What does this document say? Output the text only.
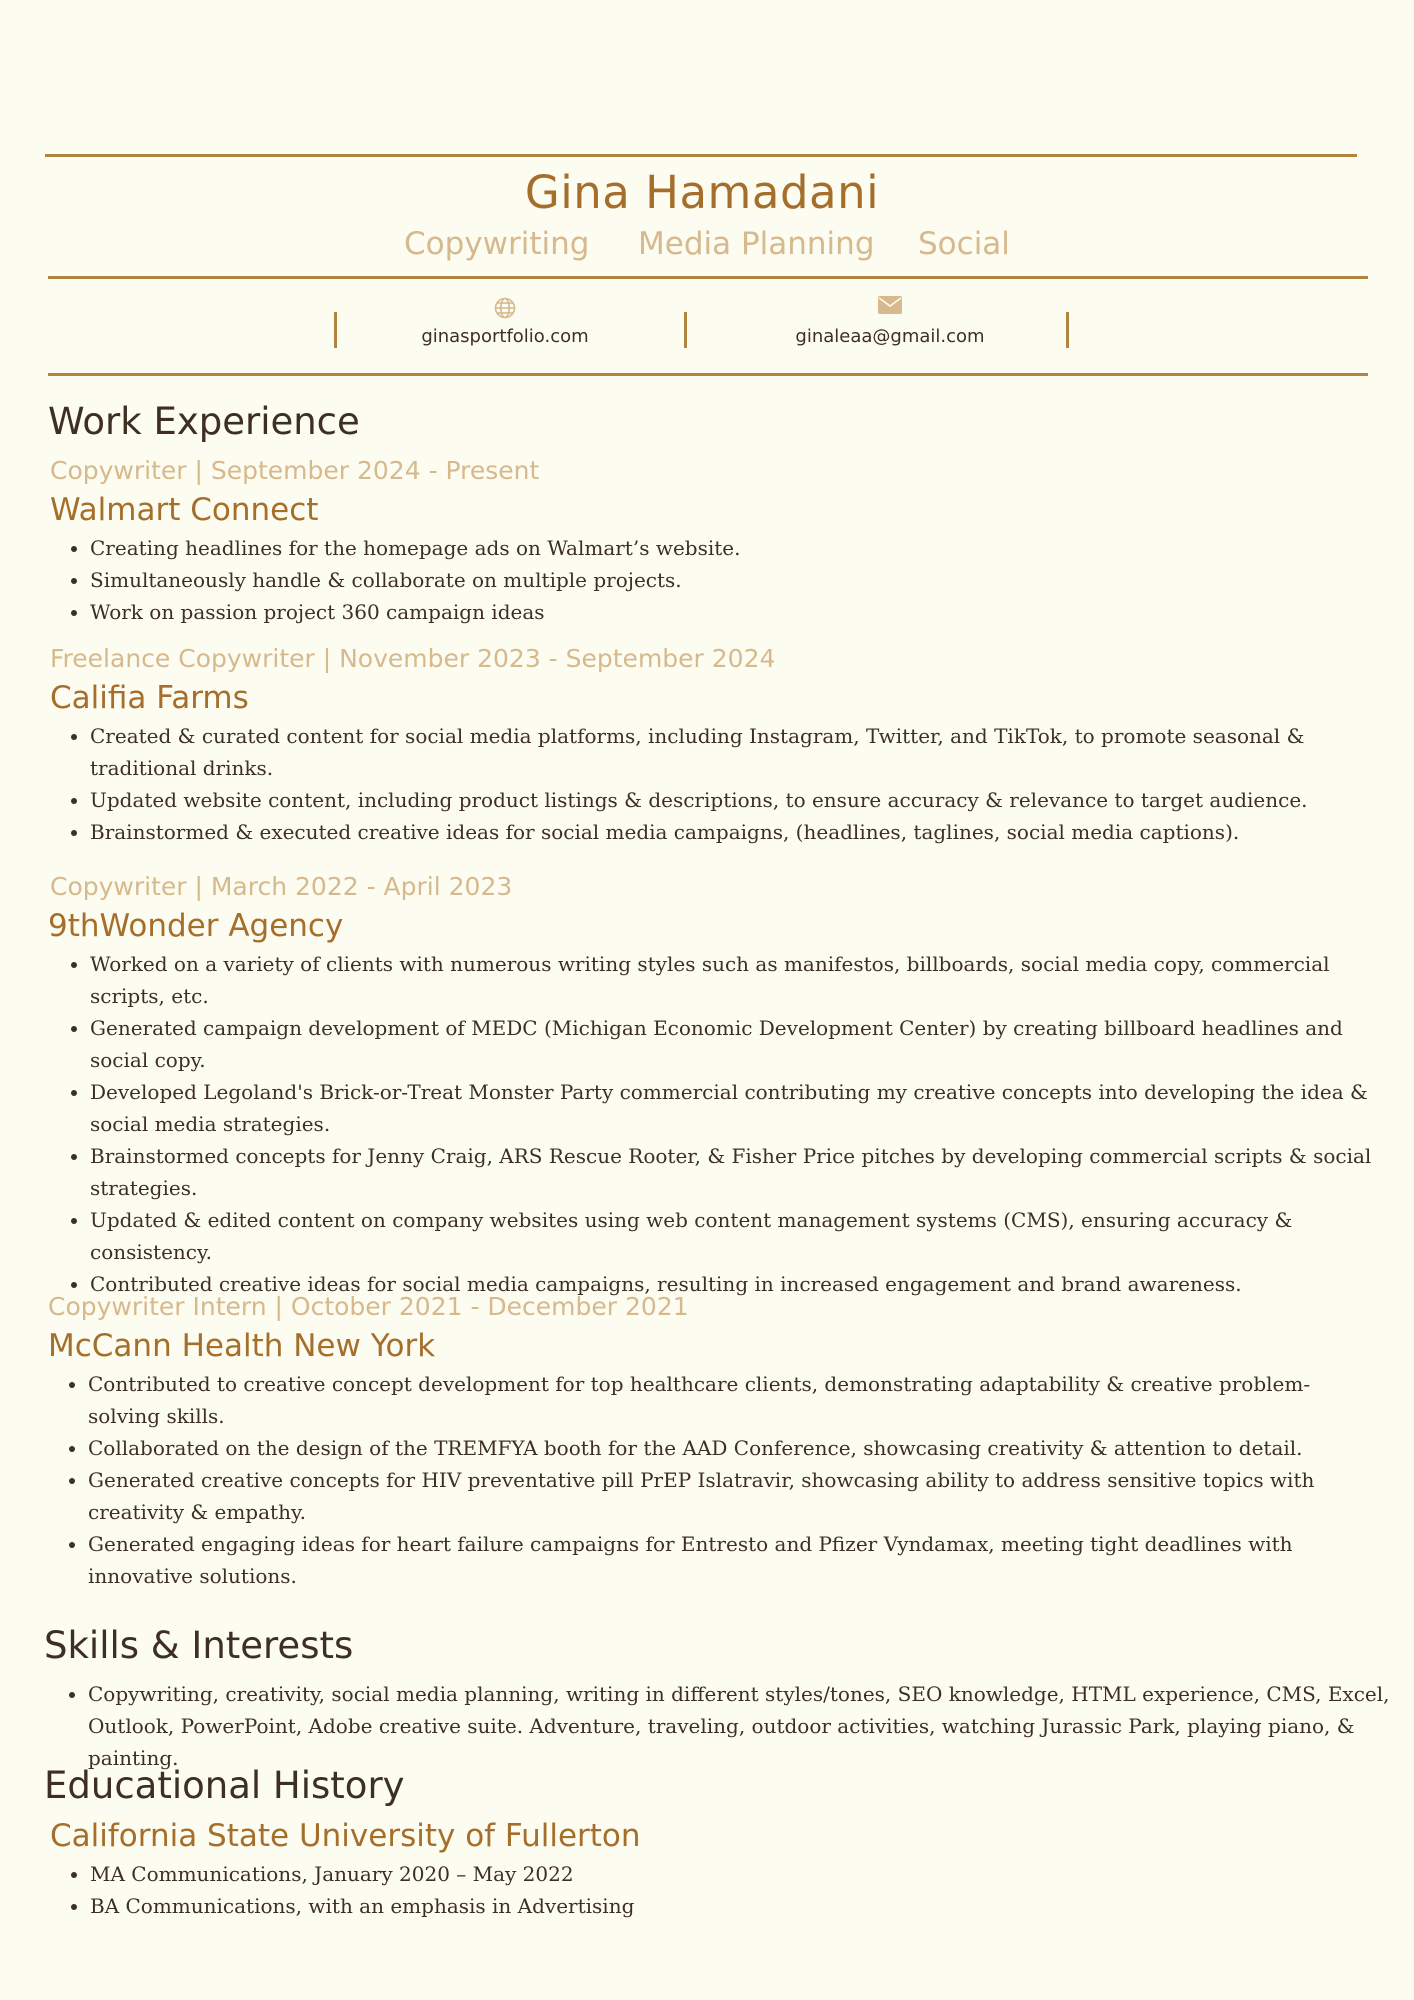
Gina Hamadani
Copywriting Media Planning Social
ginasportfolio.com	ginaleaa@gmail.com
Work Experience
Copywriter | September 2024 - Present
Walmart Connect
• Creating headlines for the homepage ads on Walmart’s website.
• Simultaneously handle & collaborate on multiple projects.
• Work on passion project 360 campaign ideas
Freelance Copywriter | November 2023 - September 2024
Califia Farms
• Created & curated content for social media platforms, including Instagram, Twitter, and TikTok, to promote seasonal & traditional drinks.
• Updated website content, including product listings & descriptions, to ensure accuracy & relevance to target audience.
• Brainstormed & executed creative ideas for social media campaigns, (headlines, taglines, social media captions).
Copywriter | March 2022 - April 2023
9thWonder Agency
• Worked on a variety of clients with numerous writing styles such as manifestos, billboards, social media copy, commercial scripts, etc.
• Generated campaign development of MEDC (Michigan Economic Development Center) by creating billboard headlines and social copy.
• Developed Legoland's Brick-or-Treat Monster Party commercial contributing my creative concepts into developing the idea & social media strategies.
• Brainstormed concepts for Jenny Craig, ARS Rescue Rooter, & Fisher Price pitches by developing commercial scripts & social strategies.
• Updated & edited content on company websites using web content management systems (CMS), ensuring accuracy & consistency.
• Contributed creative ideas for social media campaigns, resulting in increased engagement and brand awareness.
Copywriter Intern | October 2021 - December 2021
McCann Health New York
• Contributed to creative concept development for top healthcare clients, demonstrating adaptability & creative problem-solving skills.
• Collaborated on the design of the TREMFYA booth for the AAD Conference, showcasing creativity & attention to detail.
• Generated creative concepts for HIV preventative pill PrEP Islatravir, showcasing ability to address sensitive topics with creativity & empathy.
• Generated engaging ideas for heart failure campaigns for Entresto and Pfizer Vyndamax, meeting tight deadlines with innovative solutions.
Skills & Interests
• Copywriting, creativity, social media planning, writing in different styles/tones, SEO knowledge, HTML experience, CMS, Excel, Outlook, PowerPoint, Adobe creative suite. Adventure, traveling, outdoor activities, watching Jurassic Park, playing piano, & painting.
Educational History
California State University of Fullerton
• MA Communications, January 2020 – May 2022
• BA Communications, with an emphasis in Advertising
